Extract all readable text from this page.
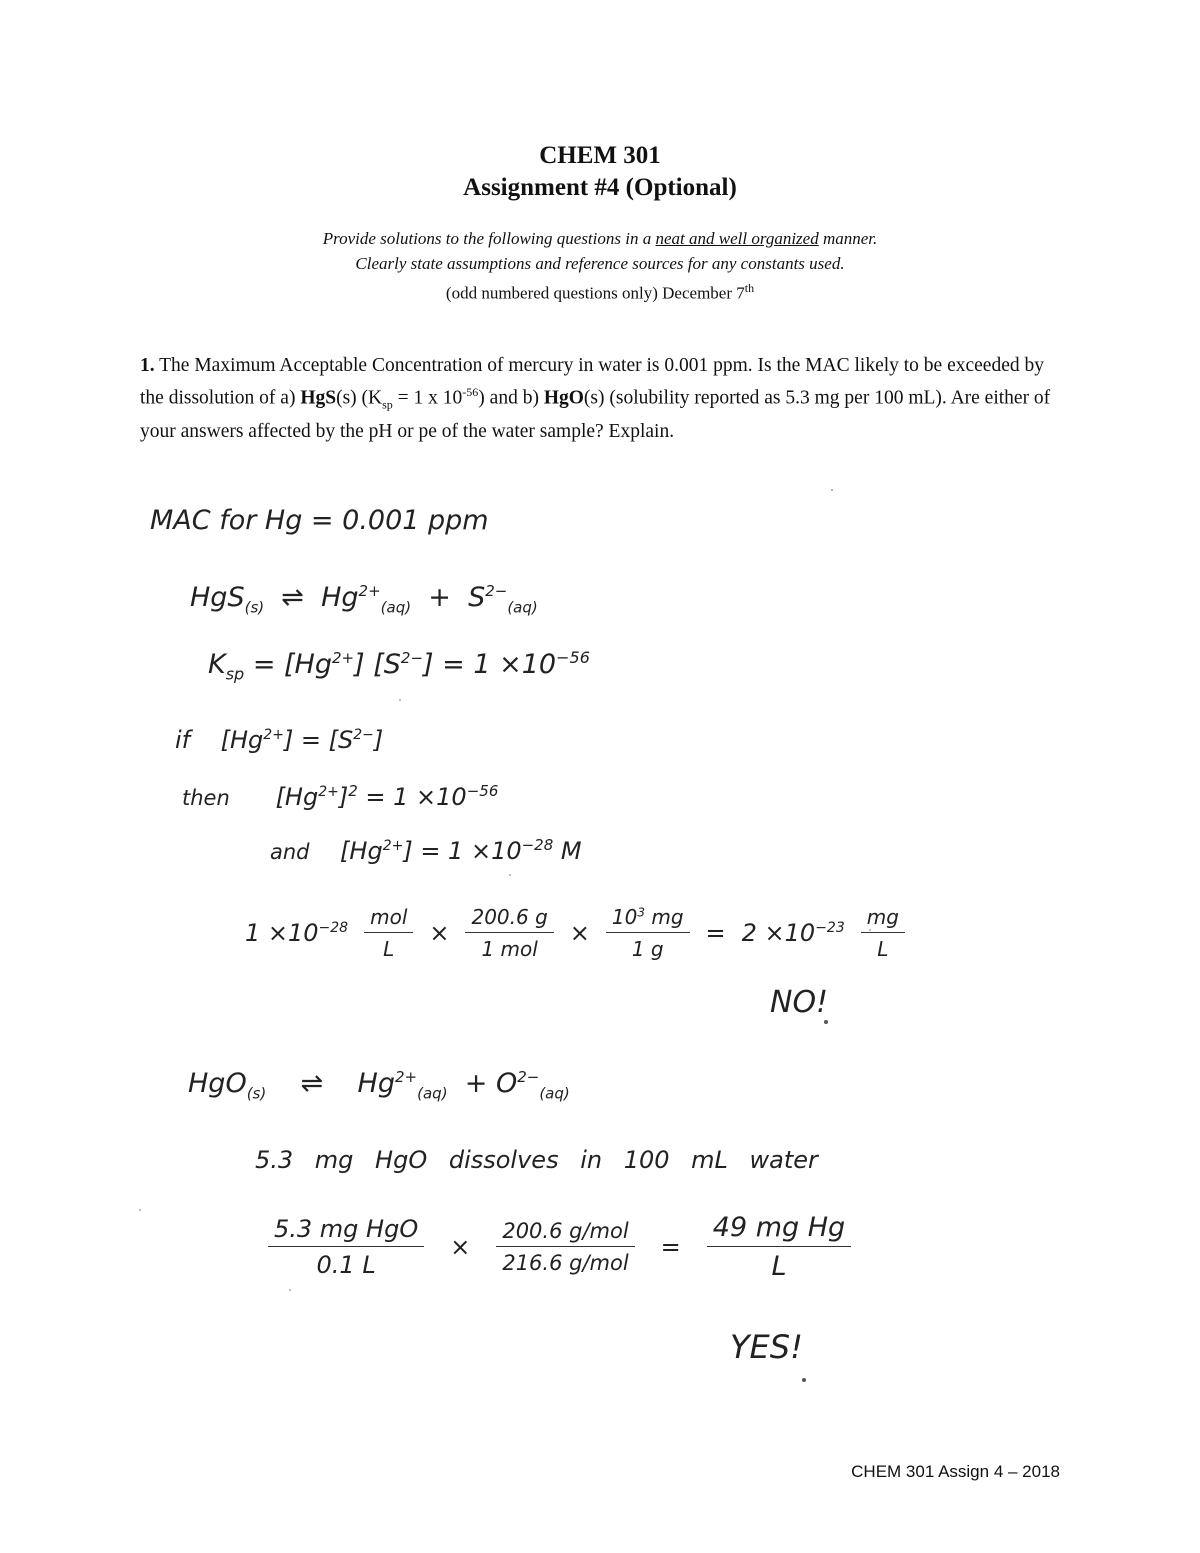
CHEM 301
Assignment #4 (Optional)
Provide solutions to the following questions in a neat and well organized manner.
Clearly state assumptions and reference sources for any constants used.
(odd numbered questions only) December 7th
1. The Maximum Acceptable Concentration of mercury in water is 0.001 ppm. Is the MAC likely to be exceeded by the dissolution of a) HgS(s) ($K_{sp} = 1$ x $10^{-56}$) and b) HgO(s) (solubility reported as 5.3 mg per 100 mL). Are either of your answers affected by the pH or pe of the water sample? Explain.
MAC for Hg = 0.001 ppm
HgS$_{(s)}$ ⇌ $Hg^{2+}_{(aq)} + S^{2-}_{(aq)}$
$K_{sp} = [Hg^{2+}] [S^{2-}] = 1 \times 10^{-56}$
if $[Hg^{2+}] = [S^{2-}]$
then $[Hg^{2+}]^2 = 1 \times 10^{-56}$
and $[Hg^{2+}] = 1 \times 10^{-28}$ M
$1 \times 10^{-28} \frac{\text{mol}}{L} \times \frac{200.6 g}{\text{1 mol}} \times \frac{10^3 mg}{1 g} = 2 \times 10^{-23} \frac{mg}{L}$
NO!
HgO$_{(s)}$ ⇌ $Hg^{2+}_{(aq)} + O^{2-}_{(aq)}$
5.3 mg HgO dissolves in 100 mL water
$\frac{\text{5.3 mg HgO}}{0.1 L} \times \frac{\text{200.6 g/mol}}{\text{216.6 g/mol}} = \frac{\text{49 mg Hg}}{L}$
YES!
CHEM 301 Assign 4 – 2018
